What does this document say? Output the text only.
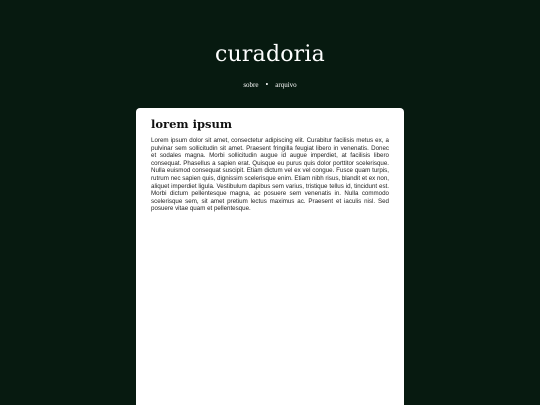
curadoria
sobre • arquivo
lorem ipsum

Lorem ipsum dolor sit amet, consectetur adipiscing elit. Curabitur facilisis metus ex, a pulvinar sem sollicitudin sit amet. Praesent fringilla feugiat libero in venenatis. Donec et sodales magna. Morbi sollicitudin augue id augue imperdiet, at facilisis libero consequat. Phasellus a sapien erat. Quisque eu purus quis dolor porttitor scelerisque. Nulla euismod consequat suscipit. Etiam dictum vel ex vel congue. Fusce quam turpis, rutrum nec sapien quis, dignissim scelerisque enim. Etiam nibh risus, blandit et ex non, aliquet imperdiet ligula. Vestibulum dapibus sem varius, tristique tellus id, tincidunt est. Morbi dictum pellentesque magna, ac posuere sem venenatis in. Nulla commodo scelerisque sem, sit amet pretium lectus maximus ac. Praesent et iaculis nisl. Sed posuere vitae quam et pellentesque.
